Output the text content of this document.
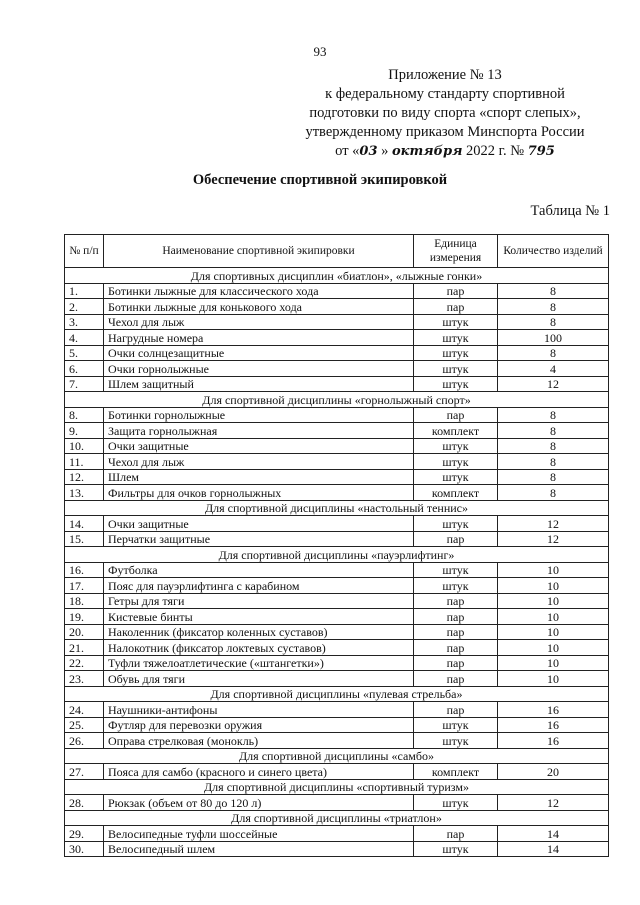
93
Приложение № 13
к федеральному стандарту спортивной
подготовки по виду спорта «спорт слепых»,
утвержденному приказом Минспорта России
от «03 » октября 2022 г. № 795
Обеспечение спортивной экипировкой
Таблица № 1
№ п/п	Наименование спортивной экипировки	Единица измерения	Количество изделий
Для спортивных дисциплин «биатлон», «лыжные гонки»			
1.	Ботинки лыжные для классического хода	пар	8
2.	Ботинки лыжные для конькового хода	пар	8
3.	Чехол для лыж	штук	8
4.	Нагрудные номера	штук	100
5.	Очки солнцезащитные	штук	8
6.	Очки горнолыжные	штук	4
7.	Шлем защитный	штук	12
Для спортивной дисциплины «горнолыжный спорт»			
8.	Ботинки горнолыжные	пар	8
9.	Защита горнолыжная	комплект	8
10.	Очки защитные	штук	8
11.	Чехол для лыж	штук	8
12.	Шлем	штук	8
13.	Фильтры для очков горнолыжных	комплект	8
Для спортивной дисциплины «настольный теннис»			
14.	Очки защитные	штук	12
15.	Перчатки защитные	пар	12
Для спортивной дисциплины «пауэрлифтинг»			
16.	Футболка	штук	10
17.	Пояс для пауэрлифтинга с карабином	штук	10
18.	Гетры для тяги	пар	10
19.	Кистевые бинты	пар	10
20.	Наколенник (фиксатор коленных суставов)	пар	10
21.	Налокотник (фиксатор локтевых суставов)	пар	10
22.	Туфли тяжелоатлетические («штангетки»)	пар	10
23.	Обувь для тяги	пар	10
Для спортивной дисциплины «пулевая стрельба»			
24.	Наушники-антифоны	пар	16
25.	Футляр для перевозки оружия	штук	16
26.	Оправа стрелковая (монокль)	штук	16
Для спортивной дисциплины «самбо»			
27.	Пояса для самбо (красного и синего цвета)	комплект	20
Для спортивной дисциплины «спортивный туризм»			
28.	Рюкзак (объем от 80 до 120 л)	штук	12
Для спортивной дисциплины «триатлон»			
29.	Велосипедные туфли шоссейные	пар	14
30.	Велосипедный шлем	штук	14
